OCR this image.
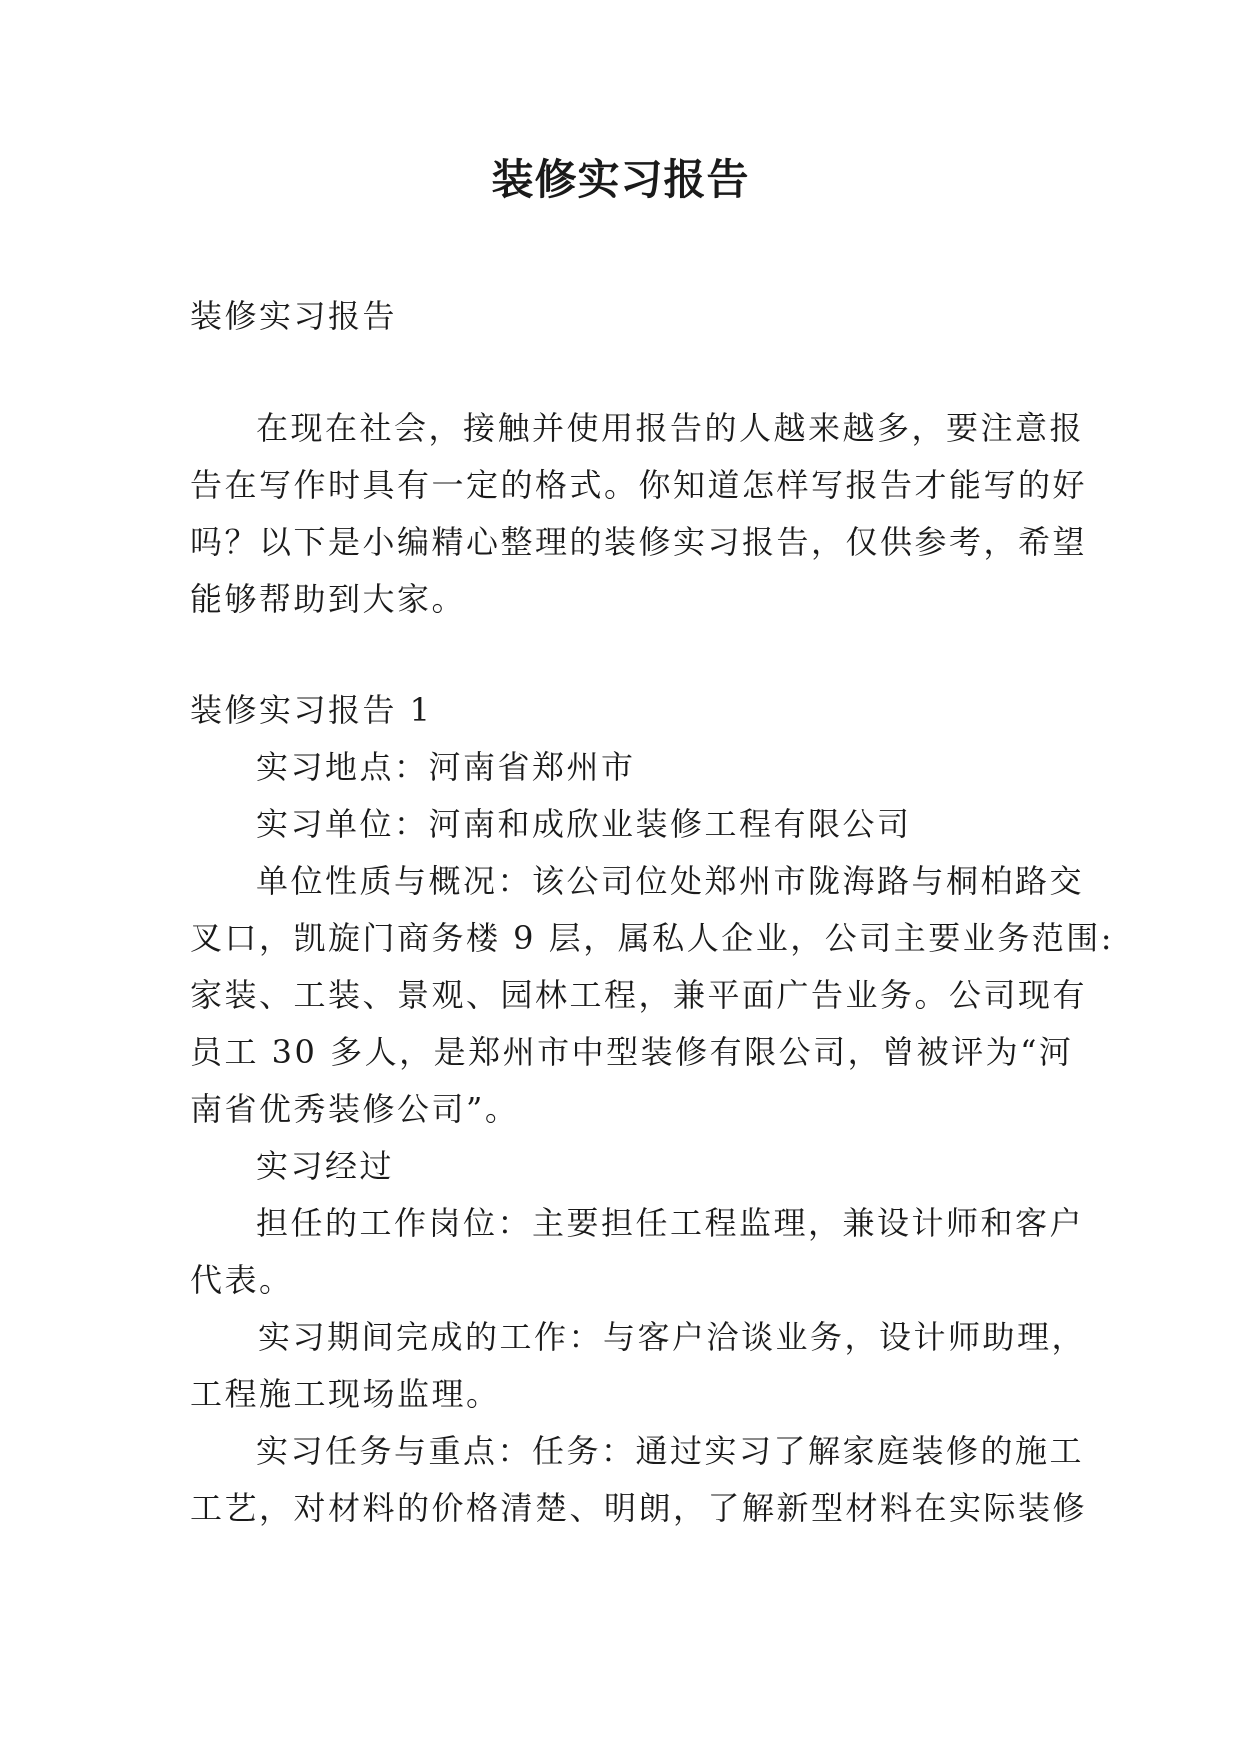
装修实习报告
装修实习报告
在现在社会，接触并使用报告的人越来越多，要注意报
告在写作时具有一定的格式。你知道怎样写报告才能写的好
吗？以下是小编精心整理的装修实习报告，仅供参考，希望
能够帮助到大家。
装修实习报告 1
实习地点：河南省郑州市
实习单位：河南和成欣业装修工程有限公司
单位性质与概况：该公司位处郑州市陇海路与桐柏路交
叉口，凯旋门商务楼 9 层，属私人企业，公司主要业务范围:
家装、工装、景观、园林工程，兼平面广告业务。公司现有
员工 30 多人，是郑州市中型装修有限公司，曾被评为“河
南省优秀装修公司”。
实习经过
担任的工作岗位：主要担任工程监理，兼设计师和客户
代表。
实习期间完成的工作：与客户洽谈业务，设计师助理，
工程施工现场监理。
实习任务与重点：任务：通过实习了解家庭装修的施工
工艺，对材料的价格清楚、明朗，了解新型材料在实际装修
